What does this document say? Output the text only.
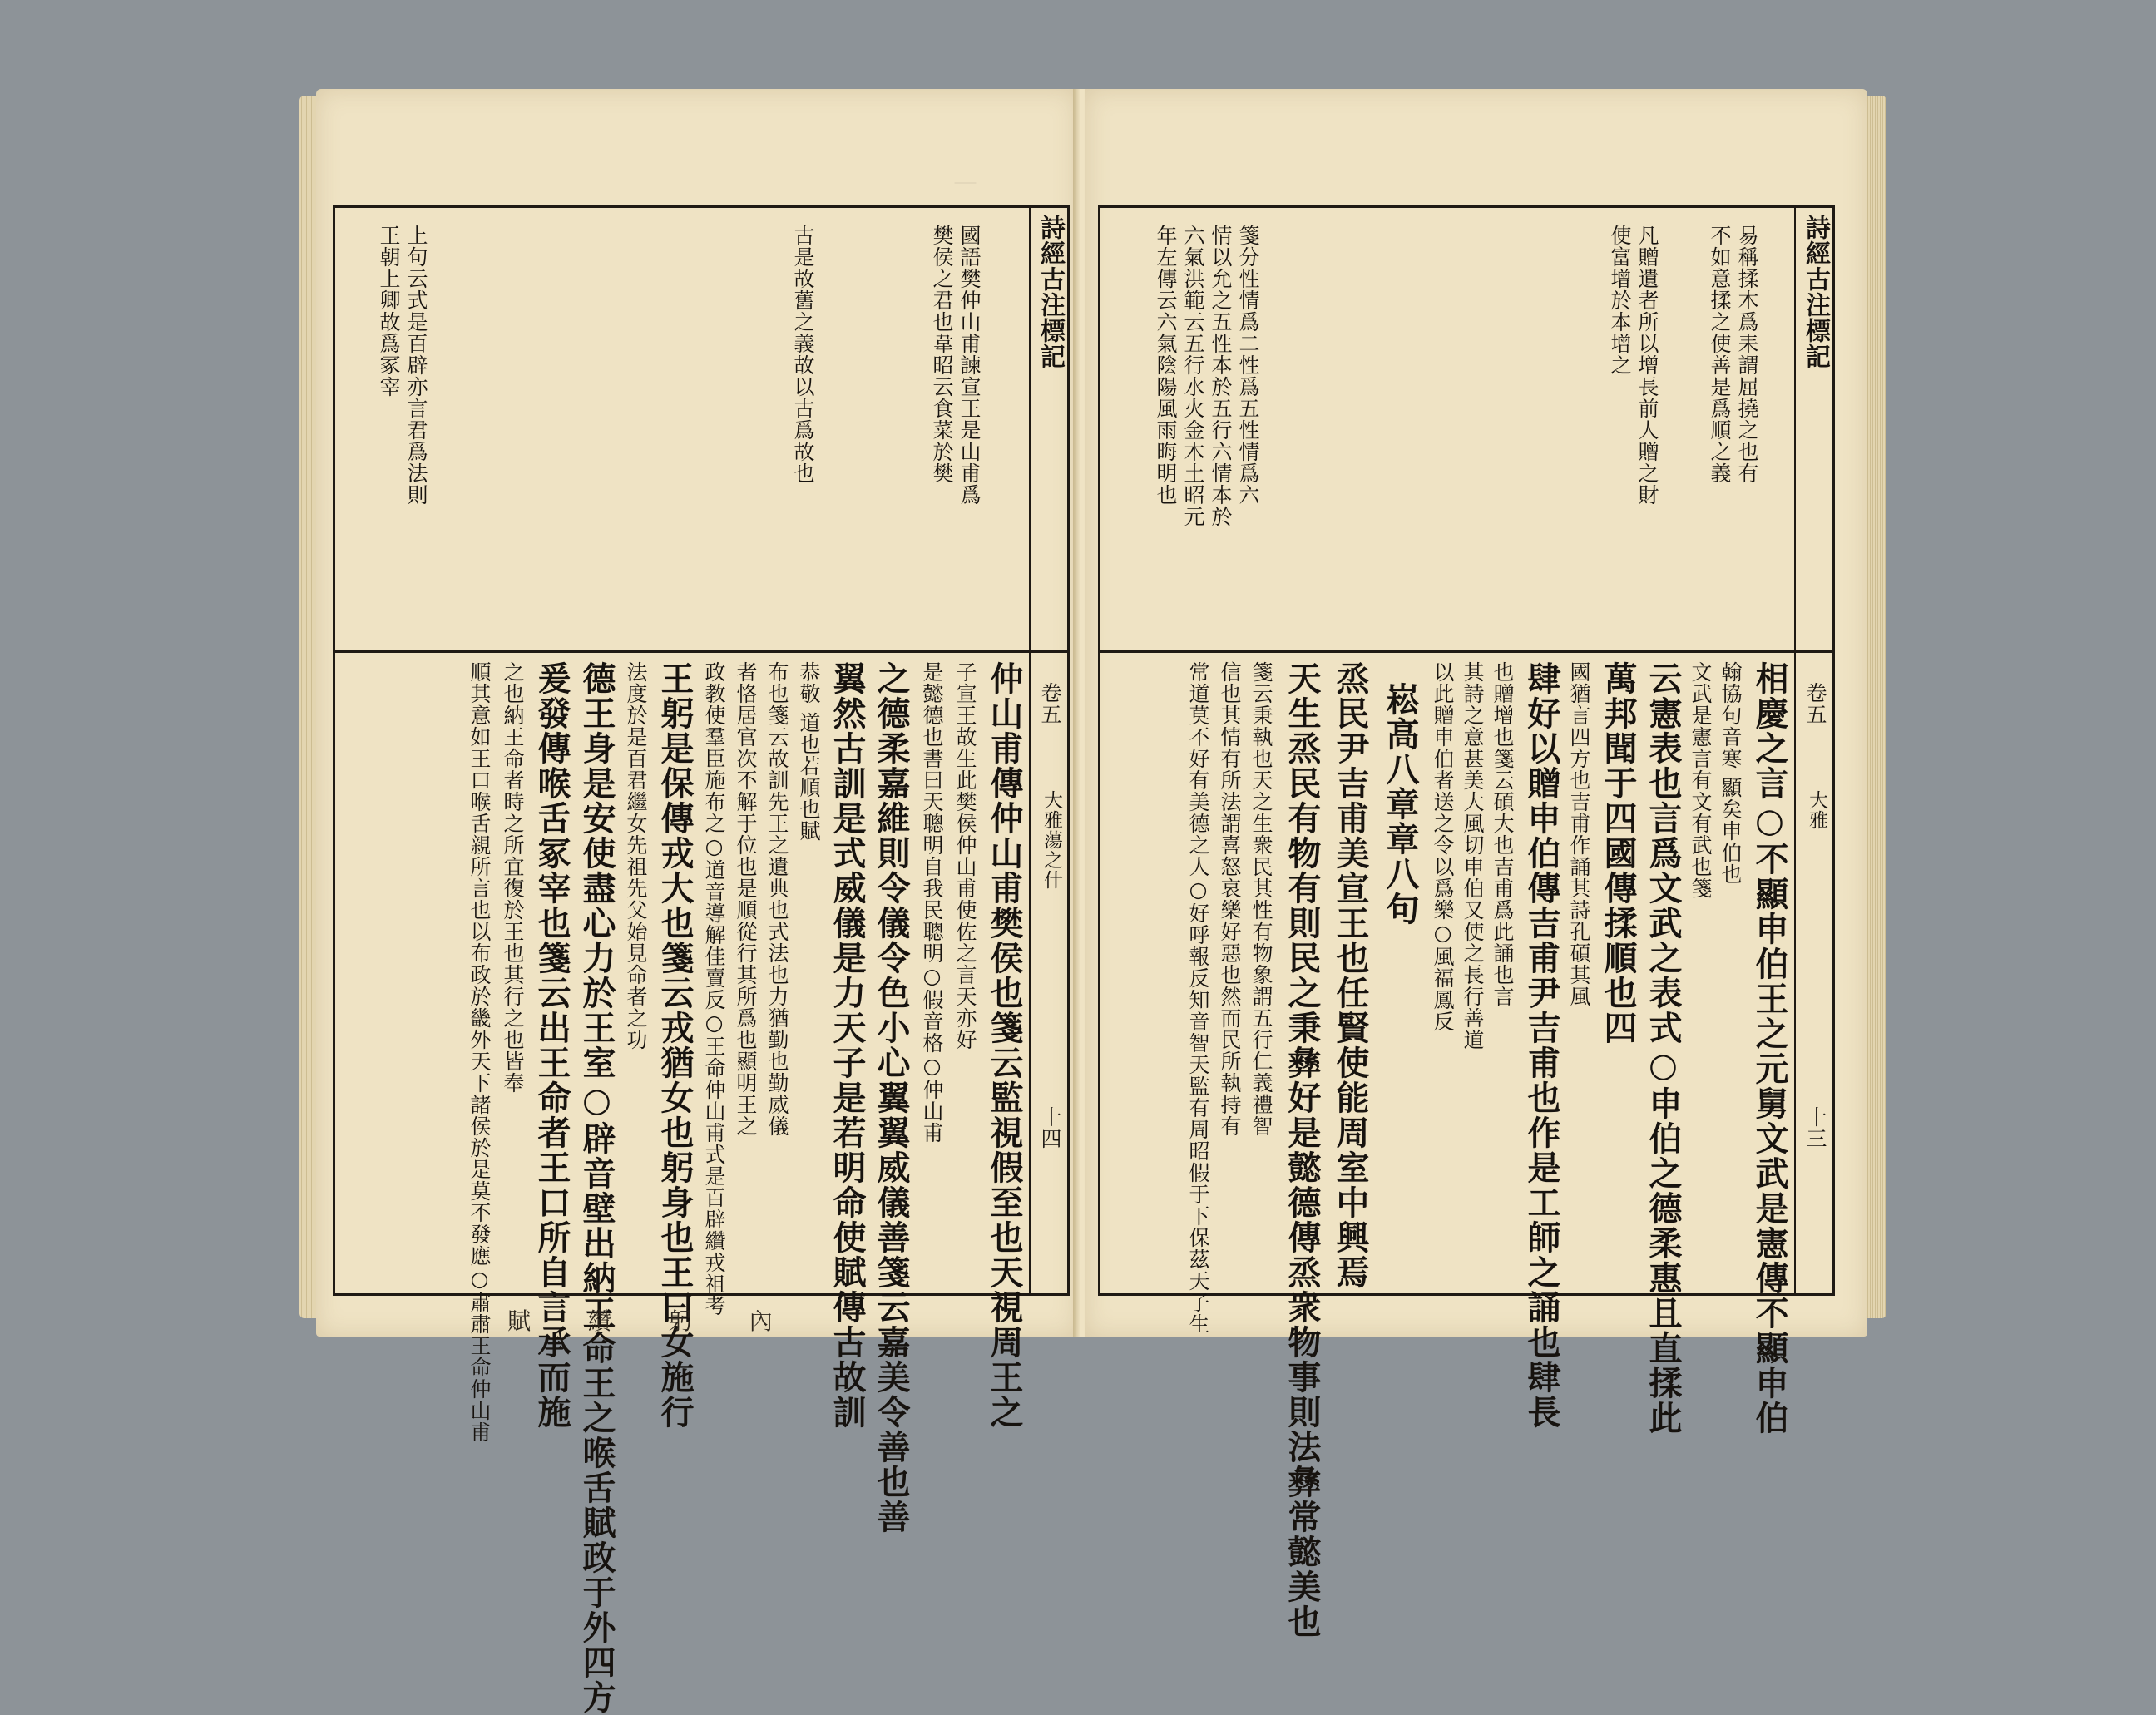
｜
詩經古注標記
卷五
大雅蕩之什
十四
國語樊仲山甫諫宣王是山甫爲
樊侯之君也韋昭云食菜於樊
古是故舊之義故以古爲故也
上句云式是百辟亦言君爲法則
王朝上卿故爲冢宰
仲山甫傳仲山甫樊侯也箋云監視假至也天視周王之
子宣王故生此樊侯仲山甫使佐之言天亦好
是懿德也書曰天聰明自我民聰明○假音格○仲山甫
之德柔嘉維則令儀令色小心翼翼威儀善箋云嘉美令善也善
翼然古訓是式威儀是力天子是若明命使賦傳古故訓
恭敬 道也若順也賦
布也箋云故訓先王之遺典也式法也力猶勤也勤威儀
者恪居官次不解于位也是順從行其所爲也顯明王之
政教使羣臣施布之○道音導解佳賣反○王命仲山甫式是百辟纘戎祖考
王躬是保傳戎大也箋云戎猶女也躬身也王曰女施行
法度於是百君繼女先祖先父始見命者之功
德王身是安使盡心力於王室○辟音壁出納王命王之喉舌賦政于外四方
爰發傳喉舌冢宰也箋云出王命者王口所自言承而施
之也納王命者時之所宜復於王也其行之也皆奉
順其意如王口喉舌親所言也以布政於畿外天下諸侯於是莫不發應○肅肅王命仲山甫 賦 纘 躬 內
詩經古注標記
卷五
大雅
十三
易稱揉木爲耒謂屈撓之也有
不如意揉之使善是爲順之義
凡贈遺者所以增長前人贈之財
使富增於本增之
箋分性情爲二性爲五性情爲六
情以允之五性本於五行六情本於
六氣洪範云五行水火金木土昭元
年左傳云六氣陰陽風雨晦明也
相慶之言○不顯申伯王之元舅文武是憲傳不顯申伯
翰協句音寒 顯矣申伯也
文武是憲言有文有武也箋
云憲表也言爲文武之表式○申伯之德柔惠且直揉此
萬邦聞于四國傳揉順也四
國猶言四方也吉甫作誦其詩孔碩其風
肆好以贈申伯傳吉甫尹吉甫也作是工師之誦也肆長
也贈增也箋云碩大也吉甫爲此誦也言
其詩之意甚美大風切申伯又使之長行善道
以此贈申伯者送之令以爲樂○風福鳳反
崧高八章章八句
烝民尹吉甫美宣王也任賢使能周室中興焉
天生烝民有物有則民之秉彝好是懿德傳烝衆物事則法彝常懿美也
箋云秉執也天之生衆民其性有物象謂五行仁義禮智
信也其情有所法謂喜怒哀樂好惡也然而民所執持有
常道莫不好有美德之人○好呼報反知音智天監有周昭假于下保茲天子生
